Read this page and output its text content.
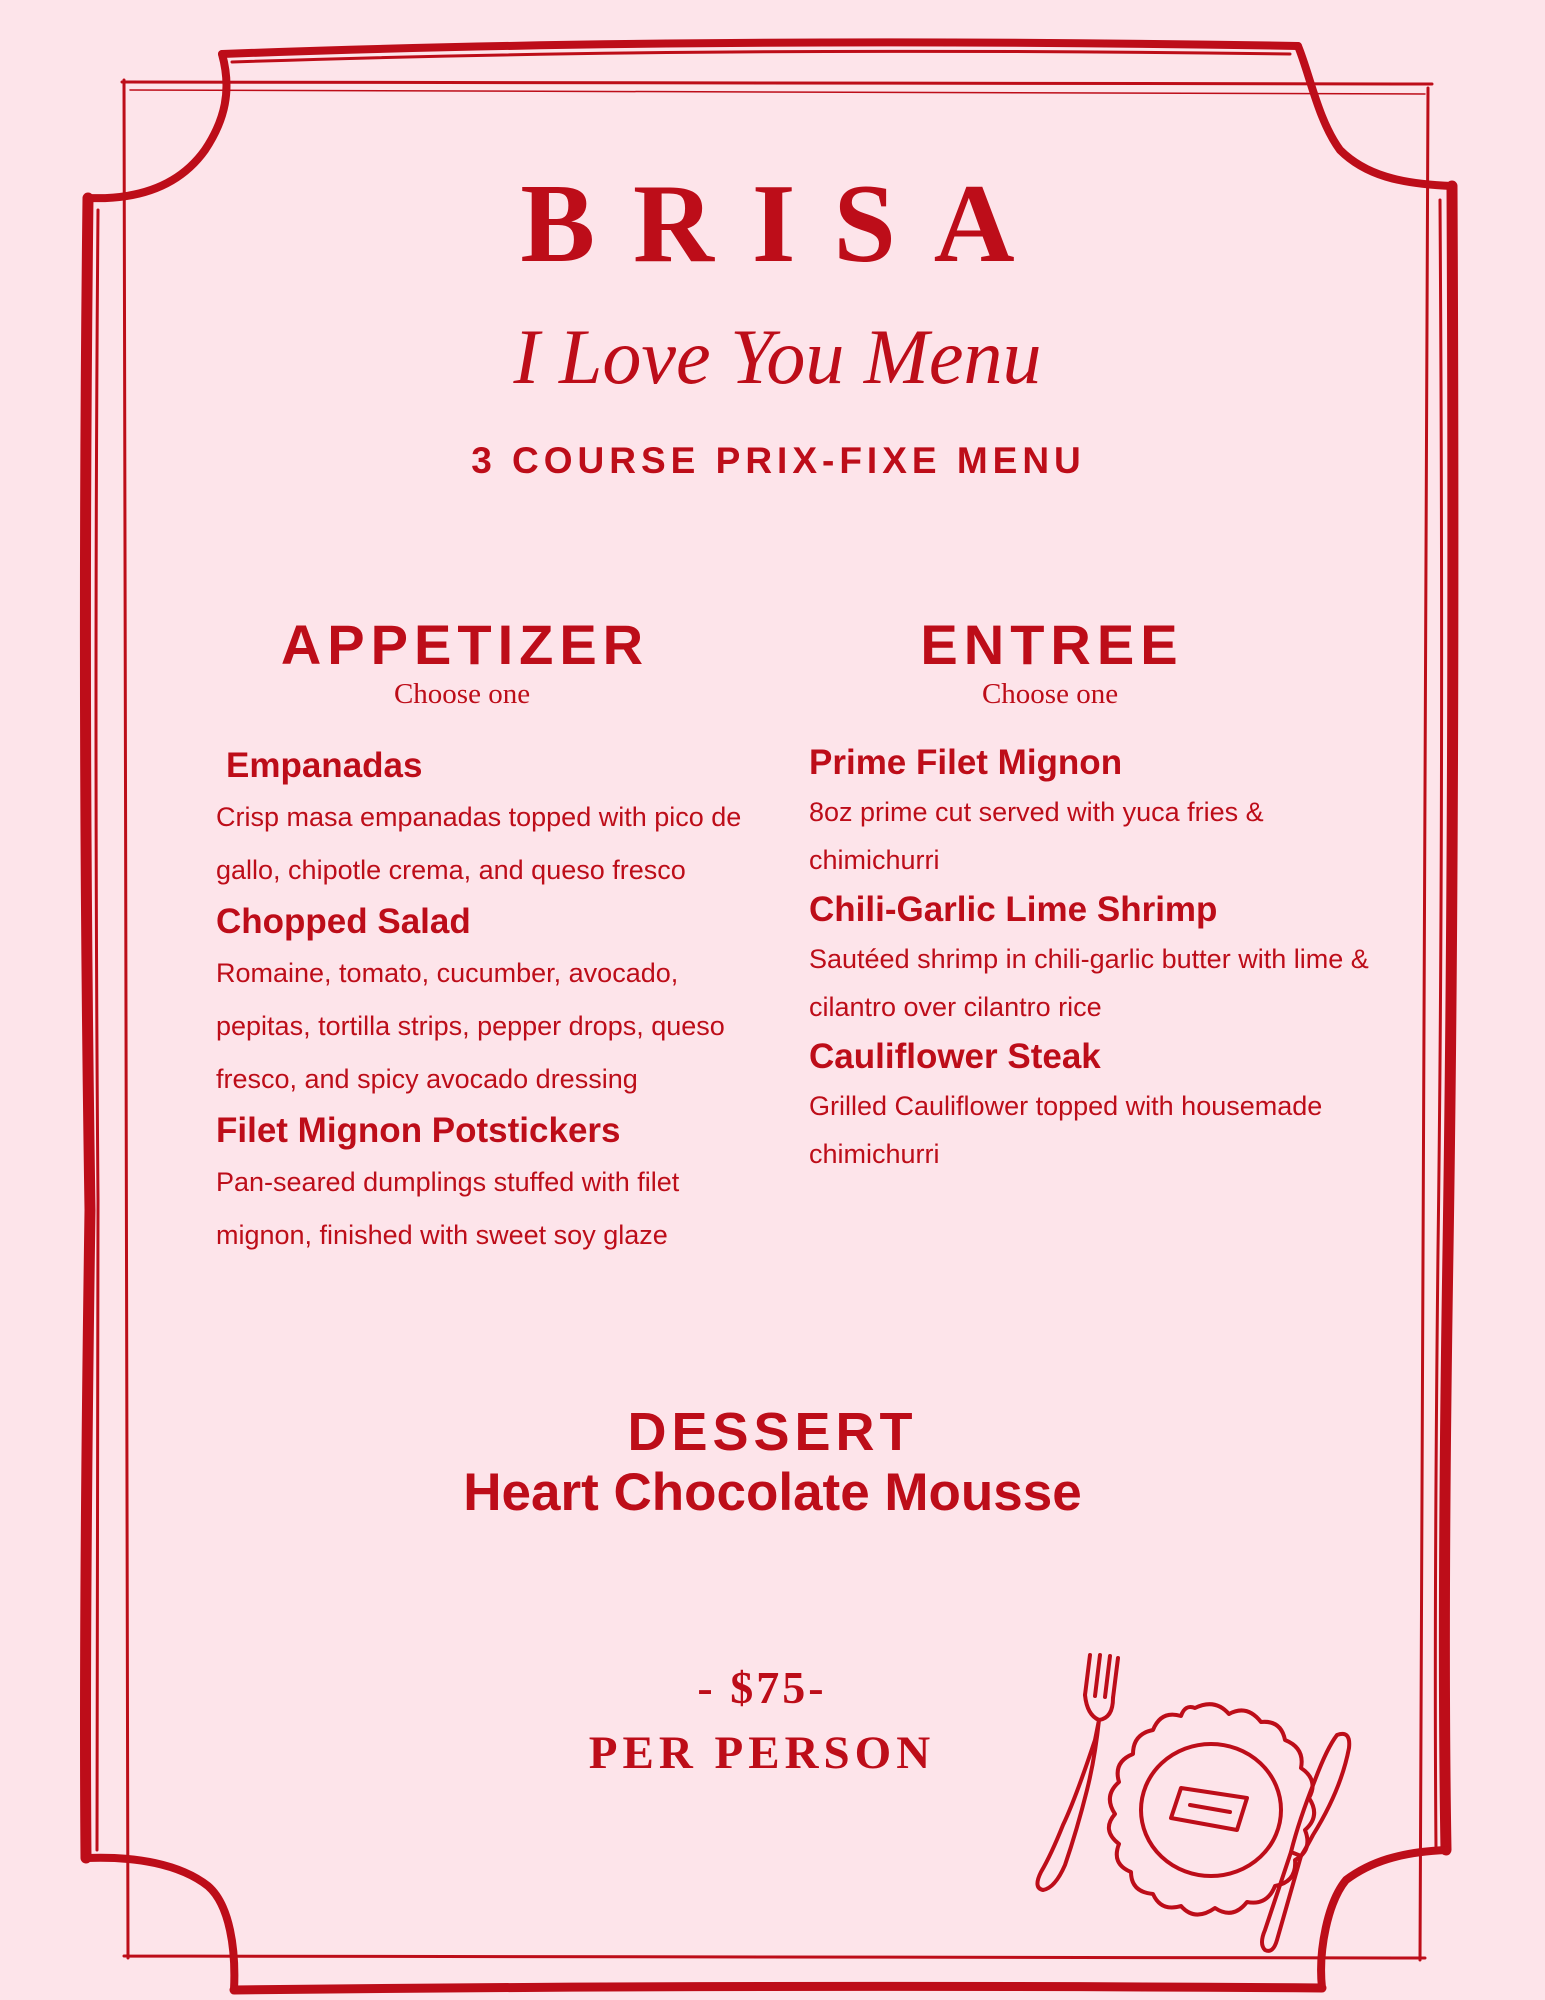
BRISA
I Love You Menu
3 COURSE PRIX-FIXE MENU
APPETIZER
Choose one
Empanadas
Crisp masa empanadas topped with pico de gallo, chipotle crema, and queso fresco
Chopped Salad
Romaine, tomato, cucumber, avocado, pepitas, tortilla strips, pepper drops, queso fresco, and spicy avocado dressing
Filet Mignon Potstickers
Pan-seared dumplings stuffed with filet mignon, finished with sweet soy glaze
ENTREE
Choose one
Prime Filet Mignon
8oz prime cut served with yuca fries & chimichurri
Chili-Garlic Lime Shrimp
Sautéed shrimp in chili-garlic butter with lime & cilantro over cilantro rice
Cauliflower Steak
Grilled Cauliflower topped with housemade chimichurri
DESSERT
Heart Chocolate Mousse
- $75-
PER PERSON
